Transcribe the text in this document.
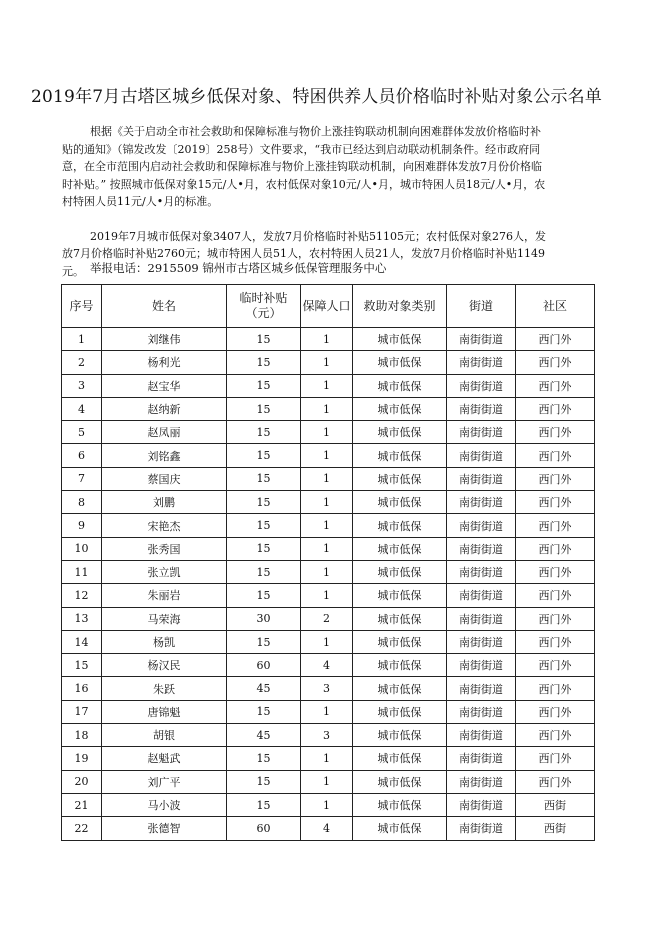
2019年7月古塔区城乡低保对象、特困供养人员价格临时补贴对象公示名单

根据《关于启动全市社会救助和保障标准与物价上涨挂钩联动机制向困难群体发放价格临时补贴的通知》（锦发改发〔2019〕258号）文件要求，“我市已经达到启动联动机制条件。经市政府同意，在全市范围内启动社会救助和保障标准与物价上涨挂钩联动机制，向困难群体发放7月份价格临时补贴。” 按照城市低保对象15元/人•月，农村低保对象10元/人•月，城市特困人员18元/人•月，农村特困人员11元/人•月的标准。

2019年7月城市低保对象3407人，发放7月价格临时补贴51105元；农村低保对象276人，发放7月价格临时补贴2760元；城市特困人员51人，农村特困人员21人，发放7月价格临时补贴1149元。 举报电话：2915509 锦州市古塔区城乡低保管理服务中心
序号	姓名	临时补贴（元）	保障人口	救助对象类别	街道	社区
1	刘继伟	15	1	城市低保	南街街道	西门外
2	杨利光	15	1	城市低保	南街街道	西门外
3	赵宝华	15	1	城市低保	南街街道	西门外
4	赵纳新	15	1	城市低保	南街街道	西门外
5	赵凤丽	15	1	城市低保	南街街道	西门外
6	刘铭鑫	15	1	城市低保	南街街道	西门外
7	蔡国庆	15	1	城市低保	南街街道	西门外
8	刘鹏	15	1	城市低保	南街街道	西门外
9	宋艳杰	15	1	城市低保	南街街道	西门外
10	张秀国	15	1	城市低保	南街街道	西门外
11	张立凯	15	1	城市低保	南街街道	西门外
12	朱丽岩	15	1	城市低保	南街街道	西门外
13	马荣海	30	2	城市低保	南街街道	西门外
14	杨凯	15	1	城市低保	南街街道	西门外
15	杨汉民	60	4	城市低保	南街街道	西门外
16	朱跃	45	3	城市低保	南街街道	西门外
17	唐锦魁	15	1	城市低保	南街街道	西门外
18	胡银	45	3	城市低保	南街街道	西门外
19	赵魁武	15	1	城市低保	南街街道	西门外
20	刘广平	15	1	城市低保	南街街道	西门外
21	马小波	15	1	城市低保	南街街道	西街
22	张德智	60	4	城市低保	南街街道	西街
